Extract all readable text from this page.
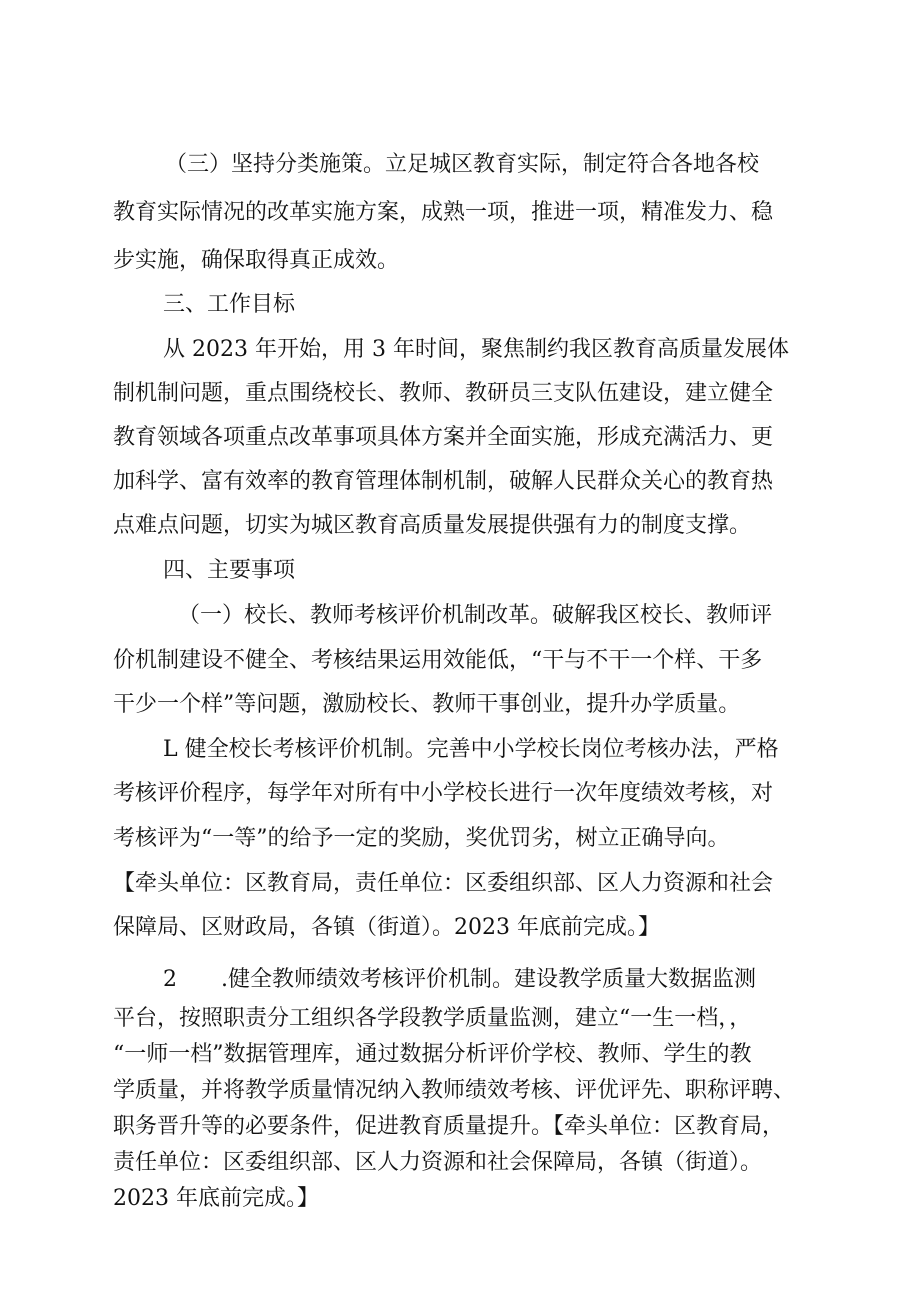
（三）坚持分类施策。立足城区教育实际，制定符合各地各校
教育实际情况的改革实施方案，成熟一项，推进一项，精准发力、稳
步实施，确保取得真正成效。
三、工作目标
从 2023 年开始，用 3 年时间，聚焦制约我区教育高质量发展体
制机制问题，重点围绕校长、教师、教研员三支队伍建设，建立健全
教育领域各项重点改革事项具体方案并全面实施，形成充满活力、更
加科学、富有效率的教育管理体制机制，破解人民群众关心的教育热
点难点问题，切实为城区教育高质量发展提供强有力的制度支撑。
四、主要事项
（一）校长、教师考核评价机制改革。破解我区校长、教师评
价机制建设不健全、考核结果运用效能低，“干与不干一个样、干多
干少一个样”等问题，激励校长、教师干事创业，提升办学质量。
L 健全校长考核评价机制。完善中小学校长岗位考核办法，严格
考核评价程序，每学年对所有中小学校长进行一次年度绩效考核，对
考核评为“一等”的给予一定的奖励，奖优罚劣，树立正确导向。
【牵头单位：区教育局，责任单位：区委组织部、区人力资源和社会
保障局、区财政局，各镇（街道）。2023 年底前完成。】
2　　.健全教师绩效考核评价机制。建设教学质量大数据监测
平台，按照职责分工组织各学段教学质量监测，建立“一生一档，，
“一师一档”数据管理库，通过数据分析评价学校、教师、学生的教
学质量，并将教学质量情况纳入教师绩效考核、评优评先、职称评聘、
职务晋升等的必要条件，促进教育质量提升。【牵头单位：区教育局，
责任单位：区委组织部、区人力资源和社会保障局，各镇（街道）。
2023 年底前完成。】
